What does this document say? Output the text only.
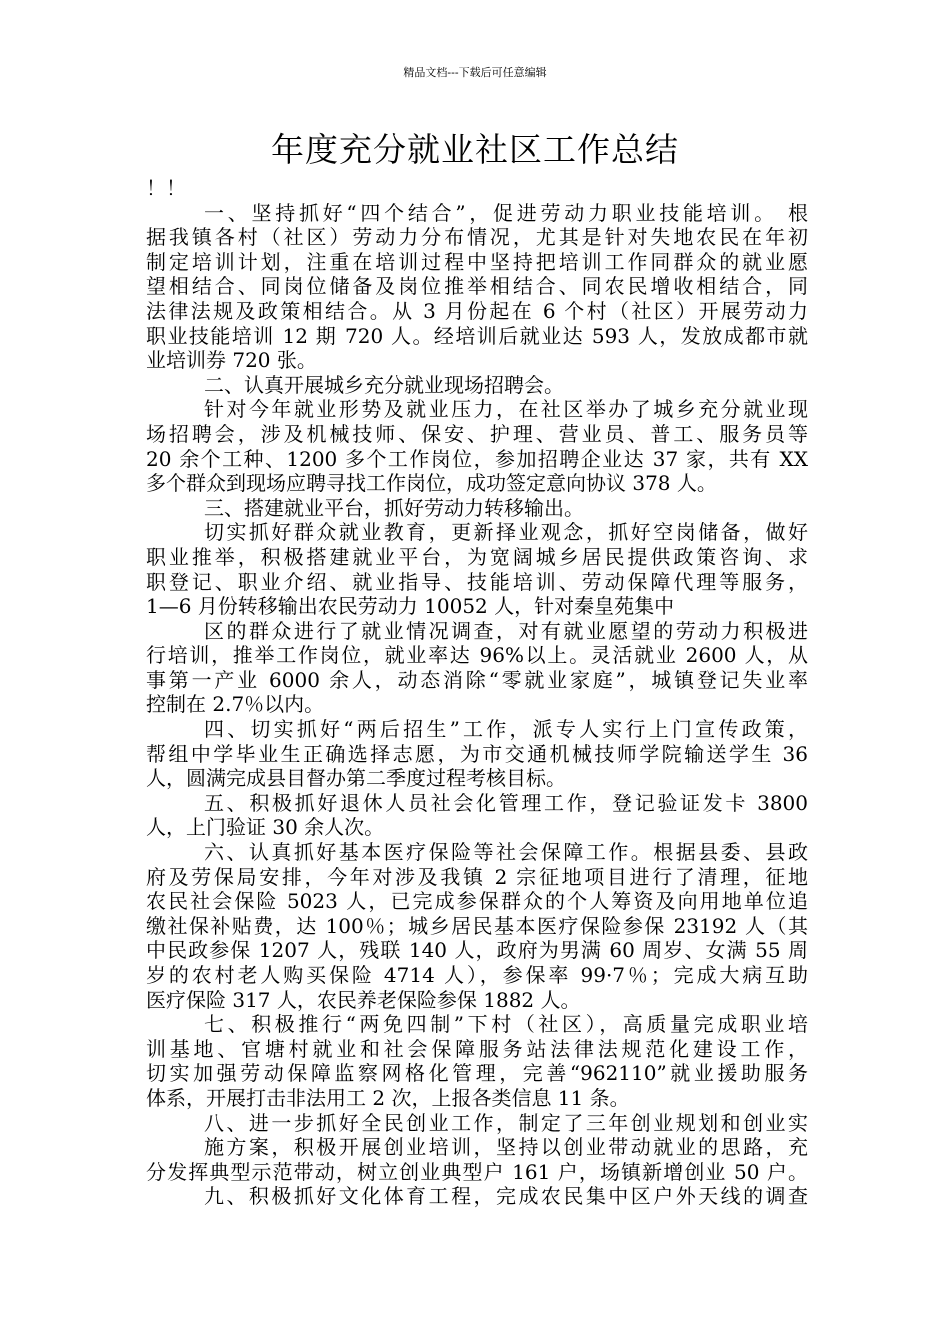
精品文档---下载后可任意编辑
年度充分就业社区工作总结
！！
一、坚持抓好“四个结合”，促进劳动力职业技能培训。 根
据我镇各村（社区）劳动力分布情况，尤其是针对失地农民在年初
制定培训计划，注重在培训过程中坚持把培训工作同群众的就业愿
望相结合、同岗位储备及岗位推举相结合、同农民增收相结合，同
法律法规及政策相结合。从 3 月份起在 6 个村（社区）开展劳动力
职业技能培训 12 期 720 人。经培训后就业达 593 人，发放成都市就
业培训券 720 张。
二、认真开展城乡充分就业现场招聘会。
针对今年就业形势及就业压力，在社区举办了城乡充分就业现
场招聘会，涉及机械技师、保安、护理、营业员、普工、服务员等
20 余个工种、1200 多个工作岗位，参加招聘企业达 37 家，共有 XX
多个群众到现场应聘寻找工作岗位，成功签定意向协议 378 人。
三、搭建就业平台，抓好劳动力转移输出。
切实抓好群众就业教育，更新择业观念，抓好空岗储备，做好
职业推举，积极搭建就业平台，为宽阔城乡居民提供政策咨询、求
职登记、职业介绍、就业指导、技能培训、劳动保障代理等服务，
1—6 月份转移输出农民劳动力 10052 人，针对秦皇苑集中
区的群众进行了就业情况调查，对有就业愿望的劳动力积极进
行培训，推举工作岗位，就业率达 96%以上。灵活就业 2600 人，从
事第一产业 6000 余人，动态消除“零就业家庭”，城镇登记失业率
控制在 2.7％以内。
四、切实抓好“两后招生”工作，派专人实行上门宣传政策，
帮组中学毕业生正确选择志愿，为市交通机械技师学院输送学生 36
人，圆满完成县目督办第二季度过程考核目标。
五、积极抓好退休人员社会化管理工作，登记验证发卡 3800
人，上门验证 30 余人次。
六、认真抓好基本医疗保险等社会保障工作。根据县委、县政
府及劳保局安排，今年对涉及我镇 2 宗征地项目进行了清理，征地
农民社会保险 5023 人，已完成参保群众的个人筹资及向用地单位追
缴社保补贴费，达 100％；城乡居民基本医疗保险参保 23192 人（其
中民政参保 1207 人，残联 140 人，政府为男满 60 周岁、女满 55 周
岁的农村老人购买保险 4714 人），参保率 99·7％；完成大病互助
医疗保险 317 人，农民养老保险参保 1882 人。
七、积极推行“两免四制”下村（社区），高质量完成职业培
训基地、官塘村就业和社会保障服务站法律法规范化建设工作，
切实加强劳动保障监察网格化管理，完善“962110”就业援助服务
体系，开展打击非法用工 2 次，上报各类信息 11 条。
八、进一步抓好全民创业工作，制定了三年创业规划和创业实
施方案，积极开展创业培训，坚持以创业带动就业的思路，充
分发挥典型示范带动，树立创业典型户 161 户，场镇新增创业 50 户。
九、积极抓好文化体育工程，完成农民集中区户外天线的调查
